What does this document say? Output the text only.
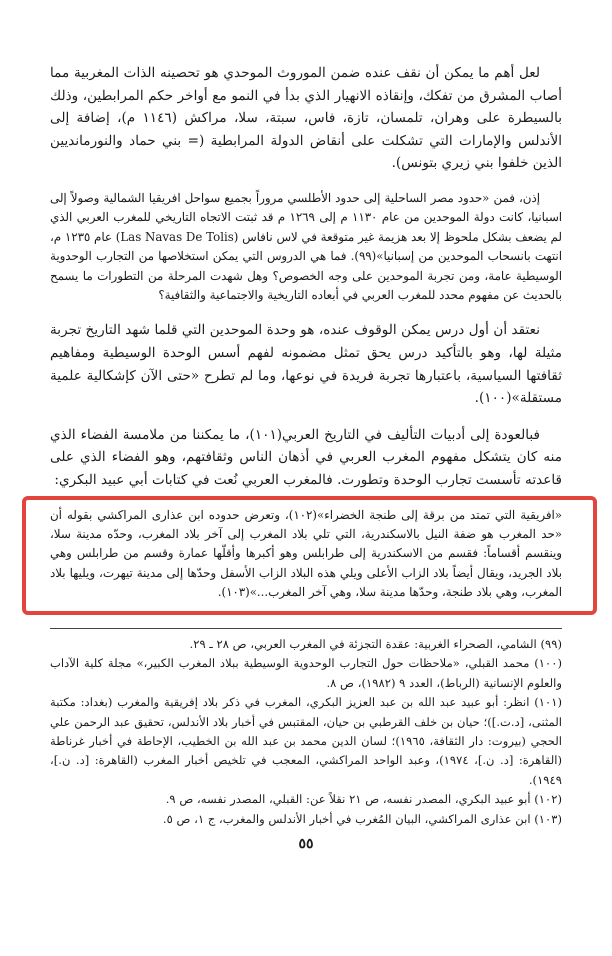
لعل أهم ما يمكن أن نقف عنده ضمن الموروث الموحدي هو تحصينه الذات المغربية مما أصاب المشرق من تفكك، وإنقاذه الانهيار الذي بدأ في النمو مع أواخر حكم المرابطين، وذلك بالسيطرة على وهران، تلمسان، تازة، فاس، سبتة، سلا، مراكش (١١٤٦ م)، إضافة إلى الأندلس والإمارات التي تشكلت على أنقاض الدولة المرابطية (= بني حماد والنورمانديين الذين خلفوا بني زيري بتونس).

إذن، فمن «حدود مصر الساحلية إلى حدود الأطلسي مروراً بجميع سواحل افريقيا الشمالية وصولاً إلى اسبانيا، كانت دولة الموحدين من عام ١١٣٠ م إلى ١٢٦٩ م قد ثبتت الاتجاه التاريخي للمغرب العربي الذي لم يضعف بشكل ملحوظ إلا بعد هزيمة غير متوقعة في لاس نافاس (Las Navas De Tolis) عام ١٢٣٥ م، انتهت بانسحاب الموحدين من إسبانيا»(٩٩). فما هي الدروس التي يمكن استخلاصها من التجارب الوحدوية الوسيطية عامة، ومن تجربة الموحدين على وجه الخصوص؟ وهل شهدت المرحلة من التطورات ما يسمح بالحديث عن مفهوم محدد للمغرب العربي في أبعاده التاريخية والاجتماعية والثقافية؟

نعتقد أن أول درس يمكن الوقوف عنده، هو وحدة الموحدين التي قلما شهد التاريخ تجربة مثيلة لها، وهو بالتأكيد درس يحق تمثل مضمونه لفهم أسس الوحدة الوسيطية ومفاهيم ثقافتها السياسية، باعتبارها تجربة فريدة في نوعها، وما لم تطرح «حتى الآن كإشكالية علمية مستقلة»(١٠٠).

فبالعودة إلى أدبيات التأليف في التاريخ العربي(١٠١)، ما يمكننا من ملامسة الفضاء الذي منه كان يتشكل مفهوم المغرب العربي في أذهان الناس وثقافتهم، وهو الفضاء الذي على قاعدته تأسست تجارب الوحدة وتطورت. فالمغرب العربي نُعت في كتابات أبي عبيد البكري:

«افريقية التي تمتد من برقة إلى طنجة الخضراء»(١٠٢)، وتعرض حدوده ابن عذارى المراكشي بقوله أن «حد المغرب هو ضفة النيل بالاسكندرية، التي تلي بلاد المغرب إلى آخر بلاد المغرب، وحدّه مدينة سلا، وينقسم أقساماً: فقسم من الاسكندرية إلى طرابلس وهو أكبرها وأقلّها عمارة وقسم من طرابلس وهي بلاد الجريد، ويقال أيضاً بلاد الزاب الأعلى ويلي هذه البلاد الزاب الأسفل وحدّها إلى مدينة تيهرت، ويليها بلاد المغرب، وهي بلاد طنجة، وحدّها مدينة سلا، وهي آخر المغرب...»(١٠٣).

(٩٩) الشامي، الصحراء الغربية: عقدة التجزئة في المغرب العربي، ص ٢٨ ـ ٢٩.

(١٠٠) محمد القبلي، «ملاحظات حول التجارب الوحدوية الوسيطية ببلاد المغرب الكبير،» مجلة كلية الآداب والعلوم الإنسانية (الرباط)، العدد ٩ (١٩٨٢)، ص ٨.

(١٠١) انظر: أبو عبيد عبد الله بن عبد العزيز البكري، المغرب في ذكر بلاد إفريقية والمغرب (بغداد: مكتبة المثنى، [د.ت.])؛ حيان بن خلف القرطبي بن حيان، المقتبس في أخبار بلاد الأندلس، تحقيق عبد الرحمن علي الحجي (بيروت: دار الثقافة، ١٩٦٥)؛ لسان الدين محمد بن عبد الله بن الخطيب، الإحاطة في أخبار غرناطة (القاهرة: [د. ن.]، ١٩٧٤)، وعبد الواحد المراكشي، المعجب في تلخيص أخبار المغرب (القاهرة: [د. ن.]، ١٩٤٩).

(١٠٢) أبو عبيد البكري، المصدر نفسه، ص ٢١ نقلاً عن: القبلي، المصدر نفسه، ص ٩.

(١٠٣) ابن عذارى المراكشي، البيان المُغرب في أخبار الأندلس والمغرب، ج ١، ص ٥.

٥٥
